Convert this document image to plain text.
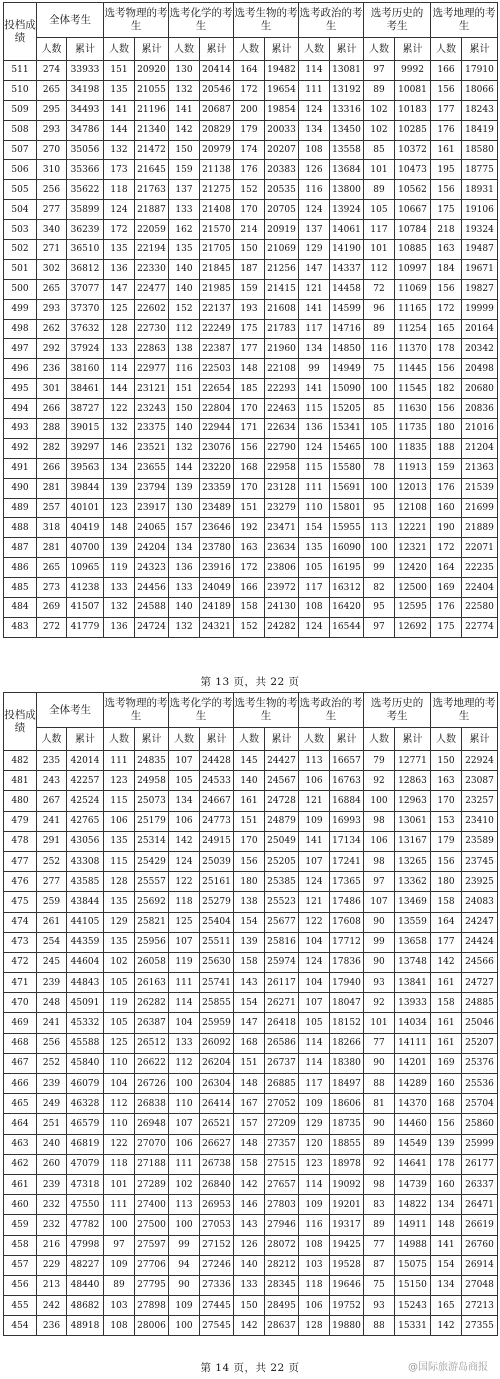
投档成绩	全体考生		选考物理的考生		选考化学的考生		选考生物的考生		选考政治的考生		选考历史的 考生		选考地理的考生	
	人数	累计	人数	累计	人数	累计	人数	累计	人数	累计	人数	累计	人数	累计
511	274	33933	151	20920	130	20414	164	19482	114	13081	97	9992	166	17910
510	265	34198	135	21055	132	20546	172	19654	111	13192	89	10081	156	18066
509	295	34493	141	21196	141	20687	200	19854	124	13316	102	10183	177	18243
508	293	34786	144	21340	142	20829	179	20033	134	13450	102	10285	176	18419
507	270	35056	132	21472	150	20979	174	20207	108	13558	85	10372	161	18580
506	310	35366	173	21645	159	21138	176	20383	126	13684	101	10473	195	18775
505	256	35622	118	21763	137	21275	152	20535	116	13800	89	10562	156	18931
504	277	35899	124	21887	133	21408	170	20705	124	13924	105	10667	175	19106
503	340	36239	172	22059	162	21570	214	20919	137	14061	117	10784	218	19324
502	271	36510	135	22194	135	21705	150	21069	129	14190	101	10885	163	19487
501	302	36812	136	22330	140	21845	187	21256	147	14337	112	10997	184	19671
500	265	37077	147	22477	140	21985	159	21415	121	14458	72	11069	156	19827
499	293	37370	125	22602	152	22137	193	21608	141	14599	96	11165	172	19999
498	262	37632	128	22730	112	22249	175	21783	117	14716	89	11254	165	20164
497	292	37924	133	22863	138	22387	177	21960	134	14850	116	11370	178	20342
496	236	38160	114	22977	116	22503	148	22108	99	14949	75	11445	156	20498
495	301	38461	144	23121	151	22654	185	22293	141	15090	100	11545	182	20680
494	266	38727	122	23243	150	22804	170	22463	115	15205	85	11630	156	20836
493	288	39015	132	23375	140	22944	171	22634	136	15341	105	11735	180	21016
492	282	39297	146	23521	132	23076	156	22790	124	15465	100	11835	188	21204
491	266	39563	134	23655	144	23220	168	22958	115	15580	78	11913	159	21363
490	281	39844	139	23794	139	23359	170	23128	111	15691	100	12013	176	21539
489	257	40101	123	23917	130	23489	151	23279	110	15801	95	12108	160	21699
488	318	40419	148	24065	157	23646	192	23471	154	15955	113	12221	190	21889
487	281	40700	139	24204	134	23780	163	23634	135	16090	100	12321	172	22071
486	265	10965	119	24323	136	23916	172	23806	105	16195	99	12420	164	22235
485	273	41238	133	24456	133	24049	166	23972	117	16312	82	12500	169	22404
484	269	41507	132	24588	140	24189	158	24130	108	16420	95	12595	176	22580
483	272	41779	136	24724	132	24321	152	24282	124	16544	97	12692	175	22774
第 13 页，共 22 页
投档成绩	全体考生		选考物理的考生		选考化学的考生		选考生物的考生		选考政治的考生		选考历史的 考生		选考地理的考生	
	人数	累计	人数	累计	人数	累计	人数	累计	人数	累计	人数	累计	人数	累计
482	235	42014	111	24835	107	24428	145	24427	113	16657	79	12771	150	22924
481	243	42257	123	24958	105	24533	140	24567	106	16763	92	12863	163	23087
480	267	42524	115	25073	134	24667	161	24728	121	16884	100	12963	170	23257
479	241	42765	106	25179	106	24773	151	24879	109	16993	98	13061	153	23410
478	291	43056	135	25314	142	24915	170	25049	141	17134	106	13167	179	23589
477	252	43308	115	25429	124	25039	156	25205	107	17241	98	13265	156	23745
476	277	43585	128	25557	122	25161	180	25385	124	17365	97	13362	180	23925
475	259	43844	135	25692	118	25279	138	25523	121	17486	107	13469	158	24083
474	261	44105	129	25821	125	25404	154	25677	122	17608	90	13559	164	24247
473	254	44359	135	25956	107	25511	139	25816	104	17712	99	13658	177	24424
472	245	44604	102	26058	119	25630	158	25974	124	17836	90	13748	142	24566
471	239	44843	105	26163	111	25741	143	26117	104	17940	93	13841	161	24727
470	248	45091	119	26282	114	25855	154	26271	107	18047	92	13933	158	24885
469	241	45332	105	26387	104	25959	147	26418	105	18152	101	14034	161	25046
468	256	45588	125	26512	133	26092	168	26586	114	18266	77	14111	161	25207
467	252	45840	110	26622	112	26204	151	26737	114	18380	90	14201	169	25376
466	239	46079	104	26726	100	26304	148	26885	117	18497	88	14289	160	25536
465	249	46328	112	26838	110	26414	167	27052	109	18606	81	14370	168	25704
464	251	46579	110	26948	107	26521	157	27209	129	18735	90	14460	156	25860
463	240	46819	122	27070	106	26627	148	27357	120	18855	89	14549	139	25999
462	260	47079	118	27188	111	26738	158	27515	123	18978	92	14641	178	26177
461	239	47318	101	27289	102	26840	142	27657	114	19092	98	14739	160	26337
460	232	47550	111	27400	113	26953	146	27803	109	19201	83	14822	134	26471
459	232	47782	100	27500	100	27053	143	27946	116	19317	89	14911	148	26619
458	216	47998	97	27597	99	27152	126	28072	108	19425	77	14988	141	26760
457	229	48227	109	27706	94	27246	140	28212	103	19528	87	15075	154	26914
456	213	48440	89	27795	90	27336	133	28345	118	19646	75	15150	134	27048
455	242	48682	103	27898	109	27445	150	28495	106	19752	93	15243	165	27213
454	236	48918	108	28006	100	27545	142	28637	128	19880	88	15331	142	27355
第 14 页，共 22 页	@国际旅游岛商报
